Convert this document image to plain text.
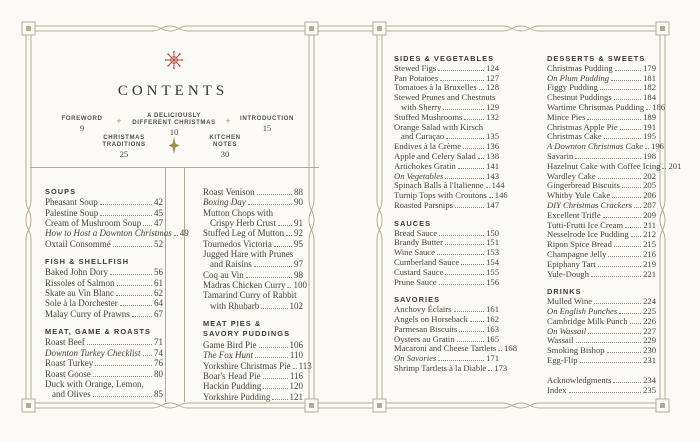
CONTENTS
FOREWORD
9
+
A DELICIOUSLY
DIFFERENT CHRISTMAS
10
+ INTRODUCTION
15
CHRISTMAS
TRADITIONS
25
KITCHEN
NOTES
30
SOUPS
Pheasant Soup	42
Palestine Soup	45
Cream of Mushroom Soup 47
How to Host a Downton Christmas 49
Oxtail Consommé	52
FISH & SHELLFISH
Baked John Dory	56
Rissoles of Salmon	61
Skate au Vin Blanc	62
Sole à la Dorchester	64
Malay Curry of Prawns	67
MEAT, GAME & ROASTS
Roast Beef	71
Downton Turkey Checklist 74
Roast Turkey	76
Roast Goose	80
Duck with Orange, Lemon,
and Olives	85
Roast Venison	88
Boxing Day	90
Mutton Chops with
Crispy Herb Crust 91
Stuffed Leg of Mutton 92
Tournedos Victoria 95
Jugged Hare with Prunes
and Raisins	97
Coq au Vin	98
Madras Chicken Curry 100
Tamarind Curry of Rabbit
with Rhubarb	102
MEAT PIES &
SAVORY PUDDINGS
Game Bird Pie	106
The Fox Hunt	110
Yorkshire Christmas Pie 113
Boar's Head Pie	116
Hackin Pudding	120
Yorkshire Pudding 121
SIDES & VEGETABLES
Stewed Figs	124
Pan Potatoes	127
Tomatoes à la Bruxelles 128
Stewed Prunes and Chestnuts
with Sherry	129
Stuffed Mushrooms	132
Orange Salad with Kirsch
and Curaçao	135
Endives à la Crème	136
Apple and Celery Salad 138
Artichokes Gratin	141
On Vegetables	143
Spinach Balls à l'Italienne 144
Turnip Tops with Croutons 146
Roasted Parsnips	147
SAUCES
Bread Sauce	150
Brandy Butter	151
Wine Sauce	153
Cumberland Sauce	154
Custard Sauce	155
Prune Sauce	156
SAVORIES
Anchovy Éclairs	161
Angels on Horseback 162
Parmesan Biscuits	163
Oysters au Gratin	165
Macaroni and Cheese Tartlets 168
On Savories	171
Shrimp Tartlets à la Diable 173
DESSERTS & SWEETS
Christmas Pudding	179
On Plum Pudding	181
Figgy Pudding	182
Chestnut Puddings	184
Wartime Christmas Pudding 186
Mince Pies	189
Christmas Apple Pie	191
Christmas Cake	195
A Downton Christmas Cake 196
Savarin	198
Hazelnut Cake with Coffee Icing 201
Wardley Cake	202
Gingerbread Biscuits	205
Whitby Yule Cake	206
DIY Christmas Crackers 207
Excellent Trifle	209
Tutti-Frutti Ice Cream 211
Nesselrode Ice Pudding 212
Ripon Spice Bread	215
Champagne Jelly	216
Epiphany Tart	219
Yule-Dough	221
DRINKS
Mulled Wine	224
On English Punches	225
Cambridge Milk Punch 226
On Wassail	227
Wassail	229
Smoking Bishop	230
Egg-Flip	231
Acknowledgments	234
Index	235
